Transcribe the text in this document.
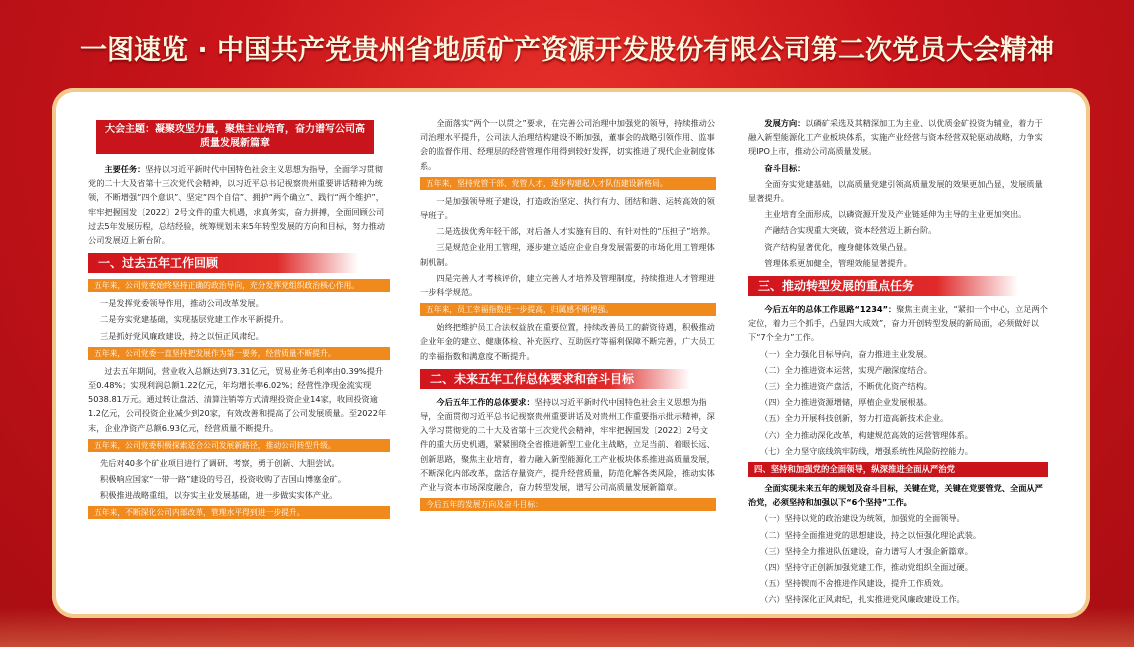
一图速览 · 中国共产党贵州省地质矿产资源开发股份有限公司第二次党员大会精神
大会主题：凝聚攻坚力量，聚焦主业培育，奋力谱写公司高质量发展新篇章

主要任务：坚持以习近平新时代中国特色社会主义思想为指导，全面学习贯彻党的二十大及省第十三次党代会精神，以习近平总书记视察贵州重要讲话精神为统领，不断增强“四个意识”、坚定“四个自信”、拥护“两个确立”、践行“两个维护”，牢牢把握国发〔2022〕2号文件的重大机遇，求真务实，奋力拼搏，全面回顾公司过去5年发展历程，总结经验，统筹规划未来5年转型发展的方向和目标，努力推动公司发展迈上新台阶。

一、过去五年工作回顾
五年来，公司党委始终坚持正确的政治导向，充分发挥党组织政治核心作用。

一是发挥党委领导作用，推动公司改革发展。

二是夯实党建基础，实现基层党建工作水平新提升。

三是抓好党风廉政建设，持之以恒正风肃纪。

五年来，公司党委一直坚持把发展作为第一要务，经营质量不断提升。

过去五年期间，营业收入总额达到73.31亿元，贸易业务毛利率由0.39%提升至0.48%；实现利润总额1.22亿元，年均增长率6.02%；经营性净现金流实现5038.81万元。通过转让盘活、清算注销等方式清理投资企业14家，收回投资逾1.2亿元，公司投资企业减少到20家，有效改善和提高了公司发展质量。至2022年末，企业净资产总额6.93亿元，经营质量不断提升。

五年来，公司党委积极探索适合公司发展新路径，推动公司转型升级。

先后对40多个矿业项目进行了调研、考察，勇于创新、大胆尝试。

积极响应国家“一带一路”建设的号召，投资收购了吉国山博塞金矿。

积极推进战略重组，以夯实主业发展基础，进一步做实实体产业。

五年来，不断深化公司内部改革，管理水平得到进一步提升。

全面落实“两个一以贯之”要求，在完善公司治理中加强党的领导，持续推动公司治理水平提升，公司法人治理结构建设不断加强，董事会的战略引领作用、监事会的监督作用、经理层的经营管理作用得到较好发挥，切实推进了现代企业制度体系。

五年来，坚持党管干部、党管人才，逐步构建起人才队伍建设新格局。

一是加强领导班子建设，打造政治坚定、执行有力、团结和谐、运转高效的领导班子。

二是选拔优秀年轻干部，对后备人才实施有目的、有针对性的“压担子”培养。

三是规范企业用工管理，逐步建立适应企业自身发展需要的市场化用工管理体制机制。

四是完善人才考核评价，建立完善人才培养及管理制度，持续推进人才管理进一步科学规范。

五年来，员工幸福指数进一步提高，归属感不断增强。

始终把维护员工合法权益放在重要位置，持续改善员工的薪资待遇，积极推动企业年金的建立、健康体检、补充医疗、互助医疗等福利保障不断完善，广大员工的幸福指数和满意度不断提升。

二、未来五年工作总体要求和奋斗目标

今后五年工作的总体要求：坚持以习近平新时代中国特色社会主义思想为指导，全面贯彻习近平总书记视察贵州重要讲话及对贵州工作重要指示批示精神，深入学习贯彻党的二十大及省第十三次党代会精神，牢牢把握国发〔2022〕2号文件的重大历史机遇，紧紧围绕全省推进新型工业化主战略，立足当前、着眼长远、创新思路，聚焦主业培育，着力融入新型能源化工产业板块体系推进高质量发展，不断深化内部改革，盘活存量资产，提升经营质量，防范化解各类风险，推动实体产业与资本市场深度融合，奋力转型发展，谱写公司高质量发展新篇章。

今后五年的发展方向及奋斗目标：

发展方向：以磷矿采选及其精深加工为主业、以优质金矿投资为辅业，着力于融入新型能源化工产业板块体系，实施产业经营与资本经营双轮驱动战略，力争实现IPO上市，推动公司高质量发展。

奋斗目标：

全面夯实党建基础，以高质量党建引领高质量发展的效果更加凸显，发展质量显著提升。

主业培育全面形成，以磷资源开发及产业链延伸为主导的主业更加突出。

产融结合实现重大突破，资本经营迈上新台阶。

资产结构显著优化，瘦身健体效果凸显。

管理体系更加健全，管理效能显著提升。

三、推动转型发展的重点任务

今后五年的总体工作思路“1234”：聚焦主责主业，“紧扣一个中心，立足两个定位，着力三个抓手，凸显四大成效”，奋力开创转型发展的新局面，必须做好以下“7个全力”工作。

（一）全力强化目标导向，奋力推进主业发展。

（二）全力推进资本运营，实现产融深度结合。

（三）全力推进资产盘活，不断优化资产结构。

（四）全力推进资源增储，厚植企业发展根基。

（五）全力开展科技创新，努力打造高新技术企业。

（六）全力推动深化改革，构建规范高效的运营管理体系。

（七）全力坚守底线筑牢防线，增强系统性风险防控能力。

四、坚持和加强党的全面领导，纵深推进全面从严治党

全面实现未来五年的规划及奋斗目标，关键在党，关键在党要管党、全面从严治党，必须坚持和加强以下“6个坚持”工作。

（一）坚持以党的政治建设为统领，加强党的全面领导。

（二）坚持全面推进党的思想建设，持之以恒强化理论武装。

（三）坚持全力推进队伍建设，奋力谱写人才强企新篇章。

（四）坚持守正创新加强党建工作，推动党组织全面过硬。

（五）坚持锲而不舍推进作风建设，提升工作质效。

（六）坚持深化正风肃纪，扎实推进党风廉政建设工作。
